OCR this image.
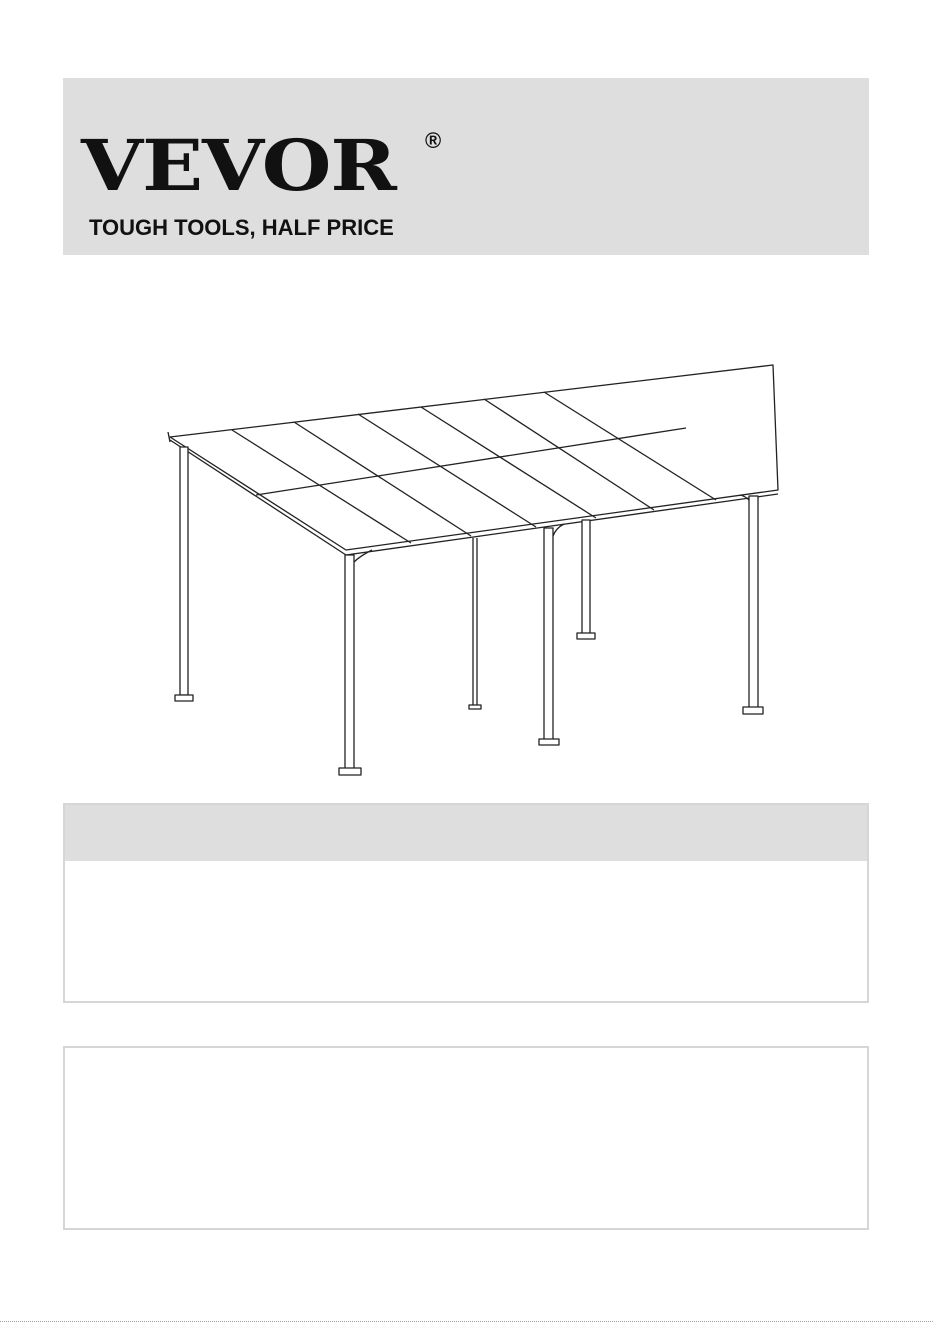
VEVOR ®
TOUGH TOOLS, HALF PRICE
